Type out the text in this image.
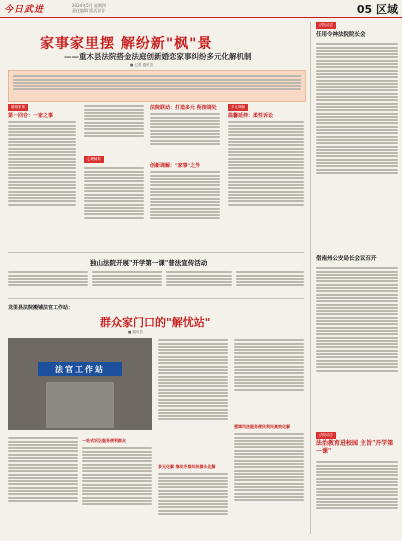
今日武进	2024年5月 星期四
责任编辑 版式设计	05 区域
家事家里摆 解纷新"枫"景
——重木县法院搭金法庭创新婚恋家事纠纷多元化解机制
■ 记者 通讯员
婚姻家事
第一回合：一家之事
心理辅导
法院联动：打造多元 衔接调处
创新调解："家事"之外
多元调解
温馨延伸：柔性诉讼
法院动态
任用令神法院院长会
借南州公安局长会议召开
法院动态
法治教育进校园 主旨"开学第一课"
独山法院开展"开学第一课"普法宣传活动
龙里县法院搬铺法官工作站：
群众家门口的"解忧站"
■ 通讯员
法官工作站
一站式诉讼服务便利群众
多元化解 推动矛盾纠纷源头化解
强调司法服务便民利民高效化解
